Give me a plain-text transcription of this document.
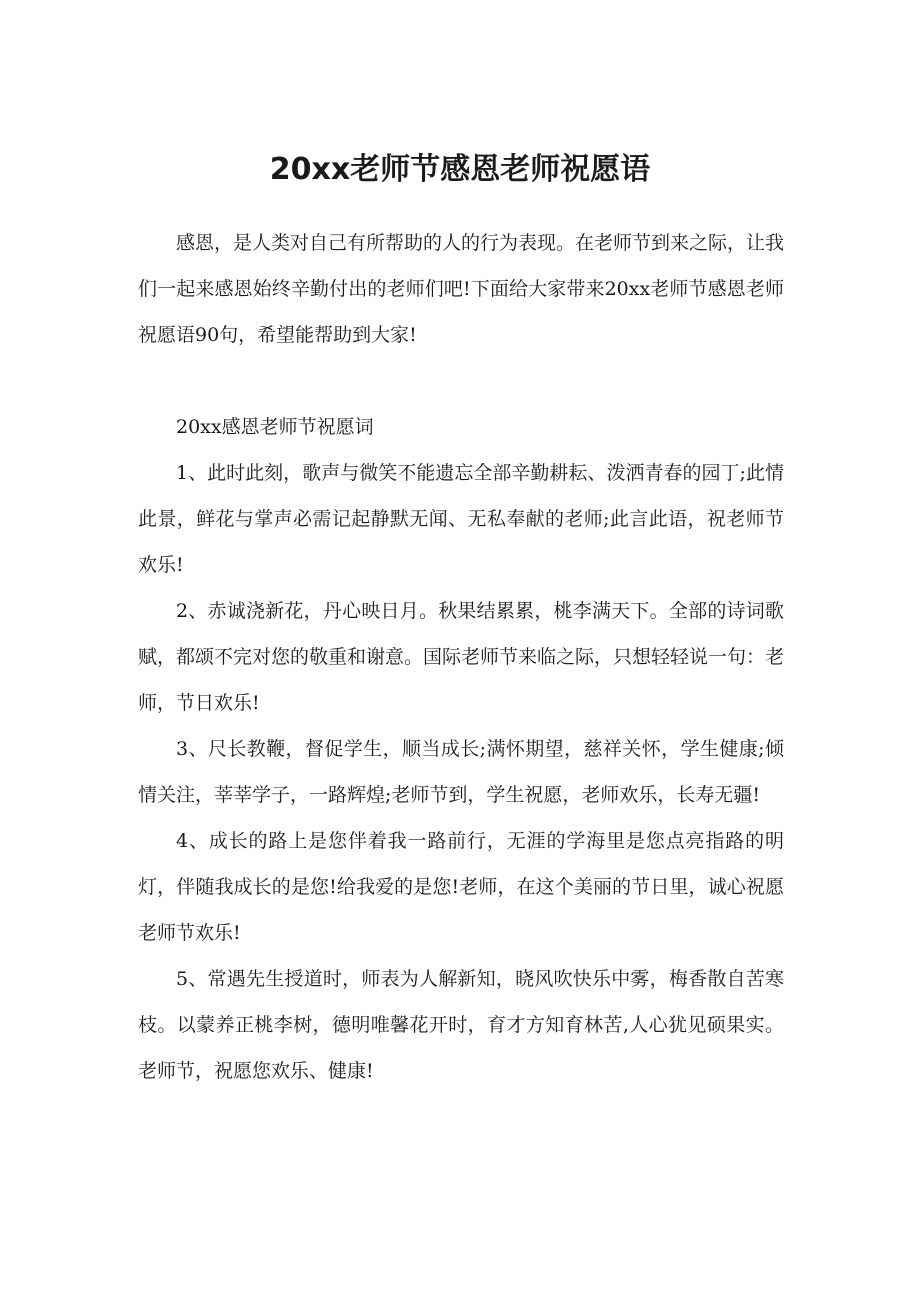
20xx老师节感恩老师祝愿语

感恩，是人类对自己有所帮助的人的行为表现。在老师节到来之际，让我们一起来感恩始终辛勤付出的老师们吧!下面给大家带来20xx老师节感恩老师祝愿语90句，希望能帮助到大家!

20xx感恩老师节祝愿词

1、此时此刻，歌声与微笑不能遗忘全部辛勤耕耘、泼洒青春的园丁;此情此景，鲜花与掌声必需记起静默无闻、无私奉献的老师;此言此语，祝老师节欢乐!

2、赤诚浇新花，丹心映日月。秋果结累累，桃李满天下。全部的诗词歌赋，都颂不完对您的敬重和谢意。国际老师节来临之际，只想轻轻说一句：老师，节日欢乐!

3、尺长教鞭，督促学生，顺当成长;满怀期望，慈祥关怀，学生健康;倾情关注，莘莘学子，一路辉煌;老师节到，学生祝愿，老师欢乐，长寿无疆!

4、成长的路上是您伴着我一路前行，无涯的学海里是您点亮指路的明灯，伴随我成长的是您!给我爱的是您!老师，在这个美丽的节日里，诚心祝愿老师节欢乐!

5、常遇先生授道时，师表为人解新知，晓风吹快乐中雾，梅香散自苦寒枝。以蒙养正桃李树，德明唯馨花开时，育才方知育林苦,人心犹见硕果实。老师节，祝愿您欢乐、健康!
